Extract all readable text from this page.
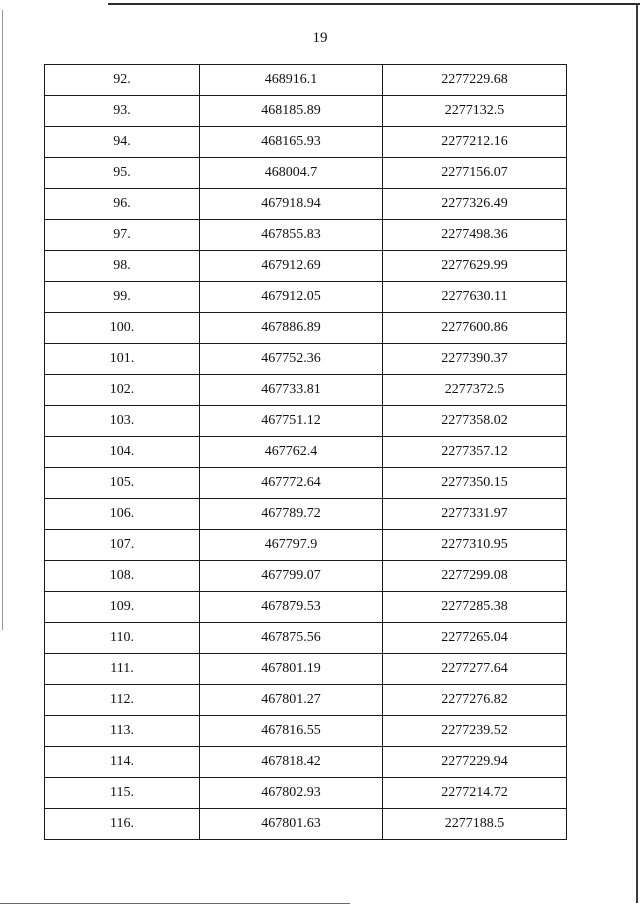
19
92.	468916.1	2277229.68
93.	468185.89	2277132.5
94.	468165.93	2277212.16
95.	468004.7	2277156.07
96.	467918.94	2277326.49
97.	467855.83	2277498.36
98.	467912.69	2277629.99
99.	467912.05	2277630.11
100.	467886.89	2277600.86
101.	467752.36	2277390.37
102.	467733.81	2277372.5
103.	467751.12	2277358.02
104.	467762.4	2277357.12
105.	467772.64	2277350.15
106.	467789.72	2277331.97
107.	467797.9	2277310.95
108.	467799.07	2277299.08
109.	467879.53	2277285.38
110.	467875.56	2277265.04
111.	467801.19	2277277.64
112.	467801.27	2277276.82
113.	467816.55	2277239.52
114.	467818.42	2277229.94
115.	467802.93	2277214.72
116.	467801.63	2277188.5
